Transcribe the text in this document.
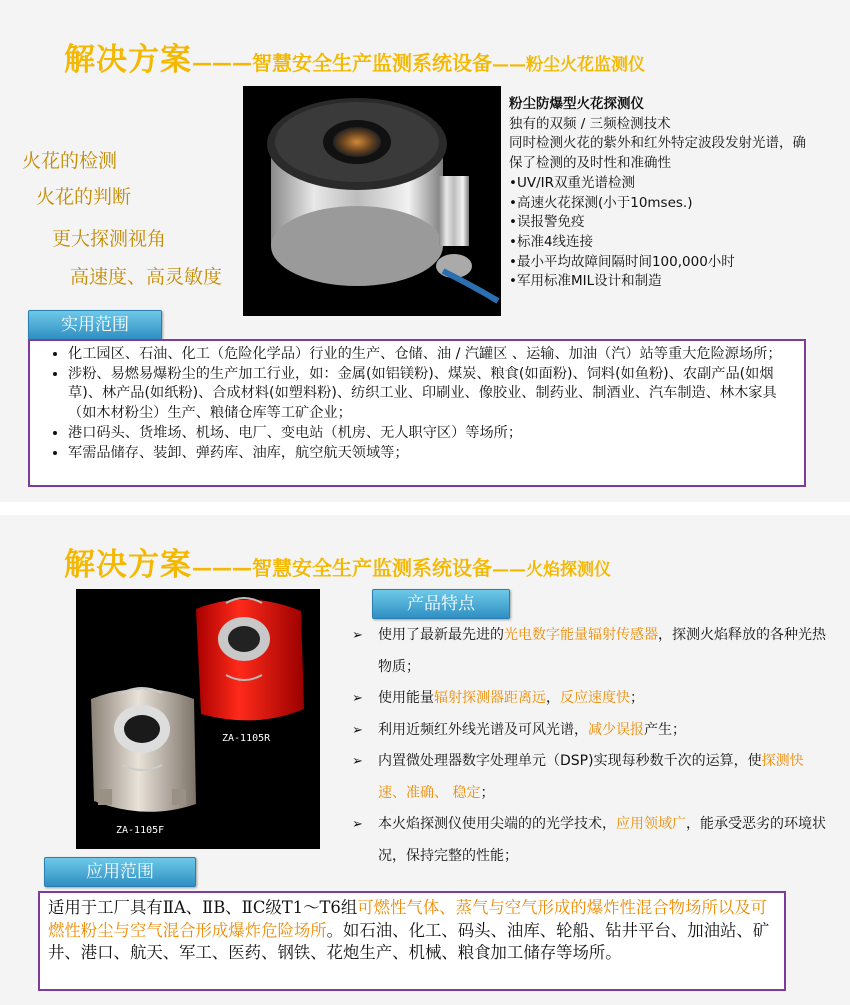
解决方案———智慧安全生产监测系统设备——粉尘火花监测仪
粉尘防爆型火花探测仪
独有的双频 / 三频检测技术
同时检测火花的紫外和红外特定波段发射光谱，确保了检测的及时性和准确性
•UV/IR双重光谱检测
•高速火花探测(小于10mses.)
•误报警免疫
•标准4线连接
•最小平均故障间隔时间100,000小时
•军用标准MIL设计和制造
火花的检测
火花的判断
更大探测视角
高速度、高灵敏度
实用范围
• 化工园区、石油、化工（危险化学品）行业的生产、仓储、油 / 汽罐区 、运输、加油（汽）站等重大危险源场所；
• 涉粉、易燃易爆粉尘的生产加工行业，如：金属(如铝镁粉)、煤炭、粮食(如面粉)、饲料(如鱼粉)、农副产品(如烟草)、林产品(如纸粉)、合成材料(如塑料粉)、纺织工业、印刷业、像胶业、制药业、制酒业、汽车制造、林木家具（如木材粉尘）生产、粮储仓库等工矿企业；
• 港口码头、货堆场、机场、电厂、变电站（机房、无人职守区）等场所；
• 军需品储存、装卸、弹药库、油库，航空航天领域等；
解决方案———智慧安全生产监测系统设备——火焰探测仪
ZA-1105R
ZA-1105F
产品特点
➢ 使用了最新最先进的光电数字能量辐射传感器，探测火焰释放的各种光热物质；
➢ 使用能量辐射探测器距离远，反应速度快；
➢ 利用近频红外线光谱及可风光谱，减少误报产生；
➢ 内置微处理器数字处理单元（DSP)实现每秒数千次的运算，使探测快速、准确、 稳定；
➢ 本火焰探测仪使用尖端的的光学技术，应用领域广，能承受恶劣的环境状况，保持完整的性能；
应用范围
适用于工厂具有ⅡA、ⅡB、ⅡC级T1～T6组可燃性气体、蒸气与空气形成的爆炸性混合物场所以及可燃性粉尘与空气混合形成爆炸危险场所。如石油、化工、码头、油库、轮船、钻井平台、加油站、矿井、港口、航天、军工、医药、钢铁、花炮生产、机械、粮食加工储存等场所。
